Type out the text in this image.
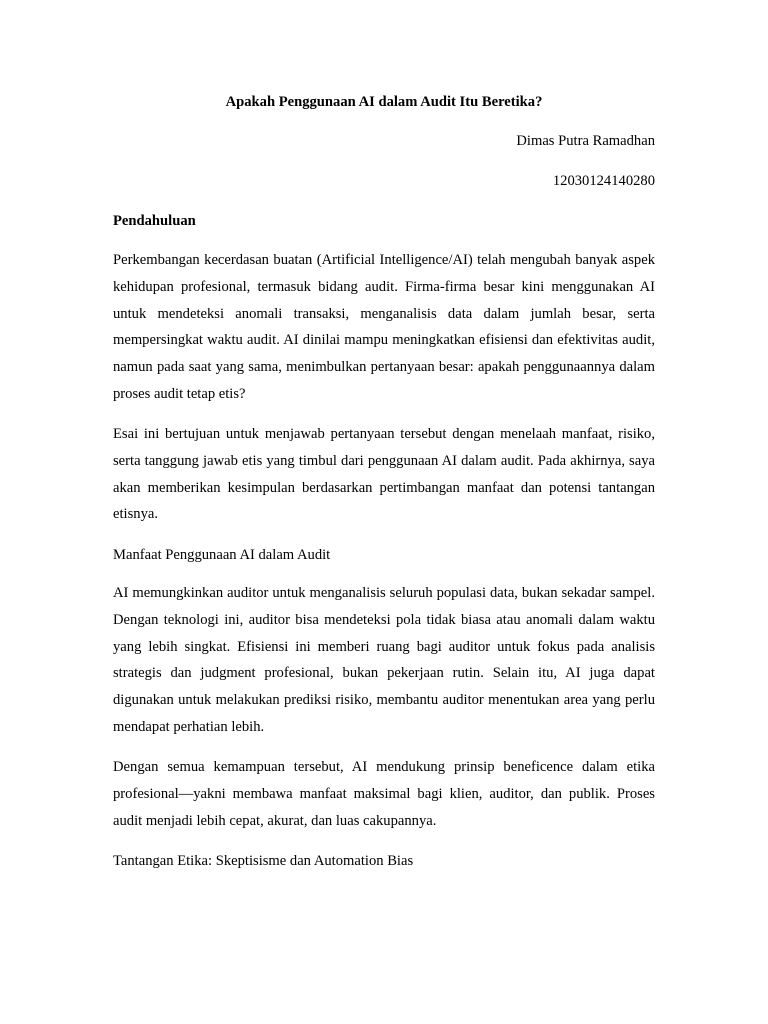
Apakah Penggunaan AI dalam Audit Itu Beretika?

Dimas Putra Ramadhan

12030124140280

Pendahuluan

Perkembangan kecerdasan buatan (Artificial Intelligence/AI) telah mengubah banyak aspek kehidupan profesional, termasuk bidang audit. Firma-firma besar kini menggunakan AI untuk mendeteksi anomali transaksi, menganalisis data dalam jumlah besar, serta mempersingkat waktu audit. AI dinilai mampu meningkatkan efisiensi dan efektivitas audit, namun pada saat yang sama, menimbulkan pertanyaan besar: apakah penggunaannya dalam proses audit tetap etis?

Esai ini bertujuan untuk menjawab pertanyaan tersebut dengan menelaah manfaat, risiko, serta tanggung jawab etis yang timbul dari penggunaan AI dalam audit. Pada akhirnya, saya akan memberikan kesimpulan berdasarkan pertimbangan manfaat dan potensi tantangan etisnya.

Manfaat Penggunaan AI dalam Audit

AI memungkinkan auditor untuk menganalisis seluruh populasi data, bukan sekadar sampel. Dengan teknologi ini, auditor bisa mendeteksi pola tidak biasa atau anomali dalam waktu yang lebih singkat. Efisiensi ini memberi ruang bagi auditor untuk fokus pada analisis strategis dan judgment profesional, bukan pekerjaan rutin. Selain itu, AI juga dapat digunakan untuk melakukan prediksi risiko, membantu auditor menentukan area yang perlu mendapat perhatian lebih.

Dengan semua kemampuan tersebut, AI mendukung prinsip beneficence dalam etika profesional—yakni membawa manfaat maksimal bagi klien, auditor, dan publik. Proses audit menjadi lebih cepat, akurat, dan luas cakupannya.

Tantangan Etika: Skeptisisme dan Automation Bias
